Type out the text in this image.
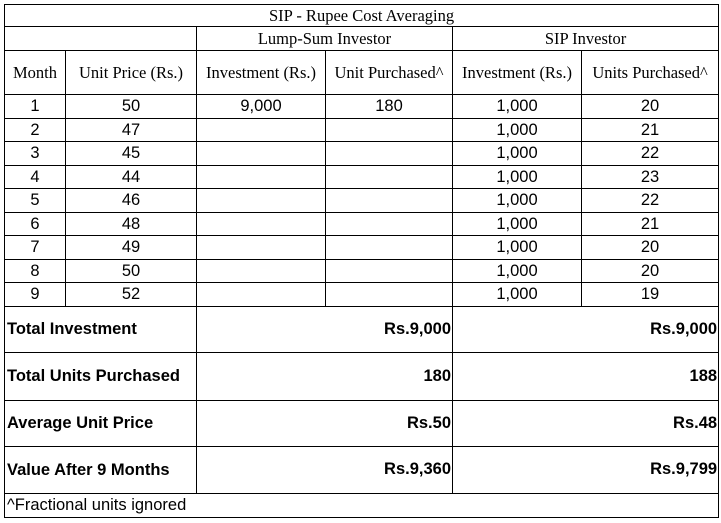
SIP - Rupee Cost Averaging					
		Lump-Sum Investor		SIP Investor	
Month	Unit Price (Rs.)	Investment (Rs.)	Unit Purchased^	Investment (Rs.)	Units Purchased^
1	50	9,000	180	1,000	20
2	47			1,000	21
3	45			1,000	22
4	44			1,000	23
5	46			1,000	22
6	48			1,000	21
7	49			1,000	20
8	50			1,000	20
9	52			1,000	19
Total Investment		Rs.9,000		Rs.9,000	
Total Units Purchased		180		188	
Average Unit Price		Rs.50		Rs.48	
Value After 9 Months		Rs.9,360		Rs.9,799	
^Fractional units ignored					
